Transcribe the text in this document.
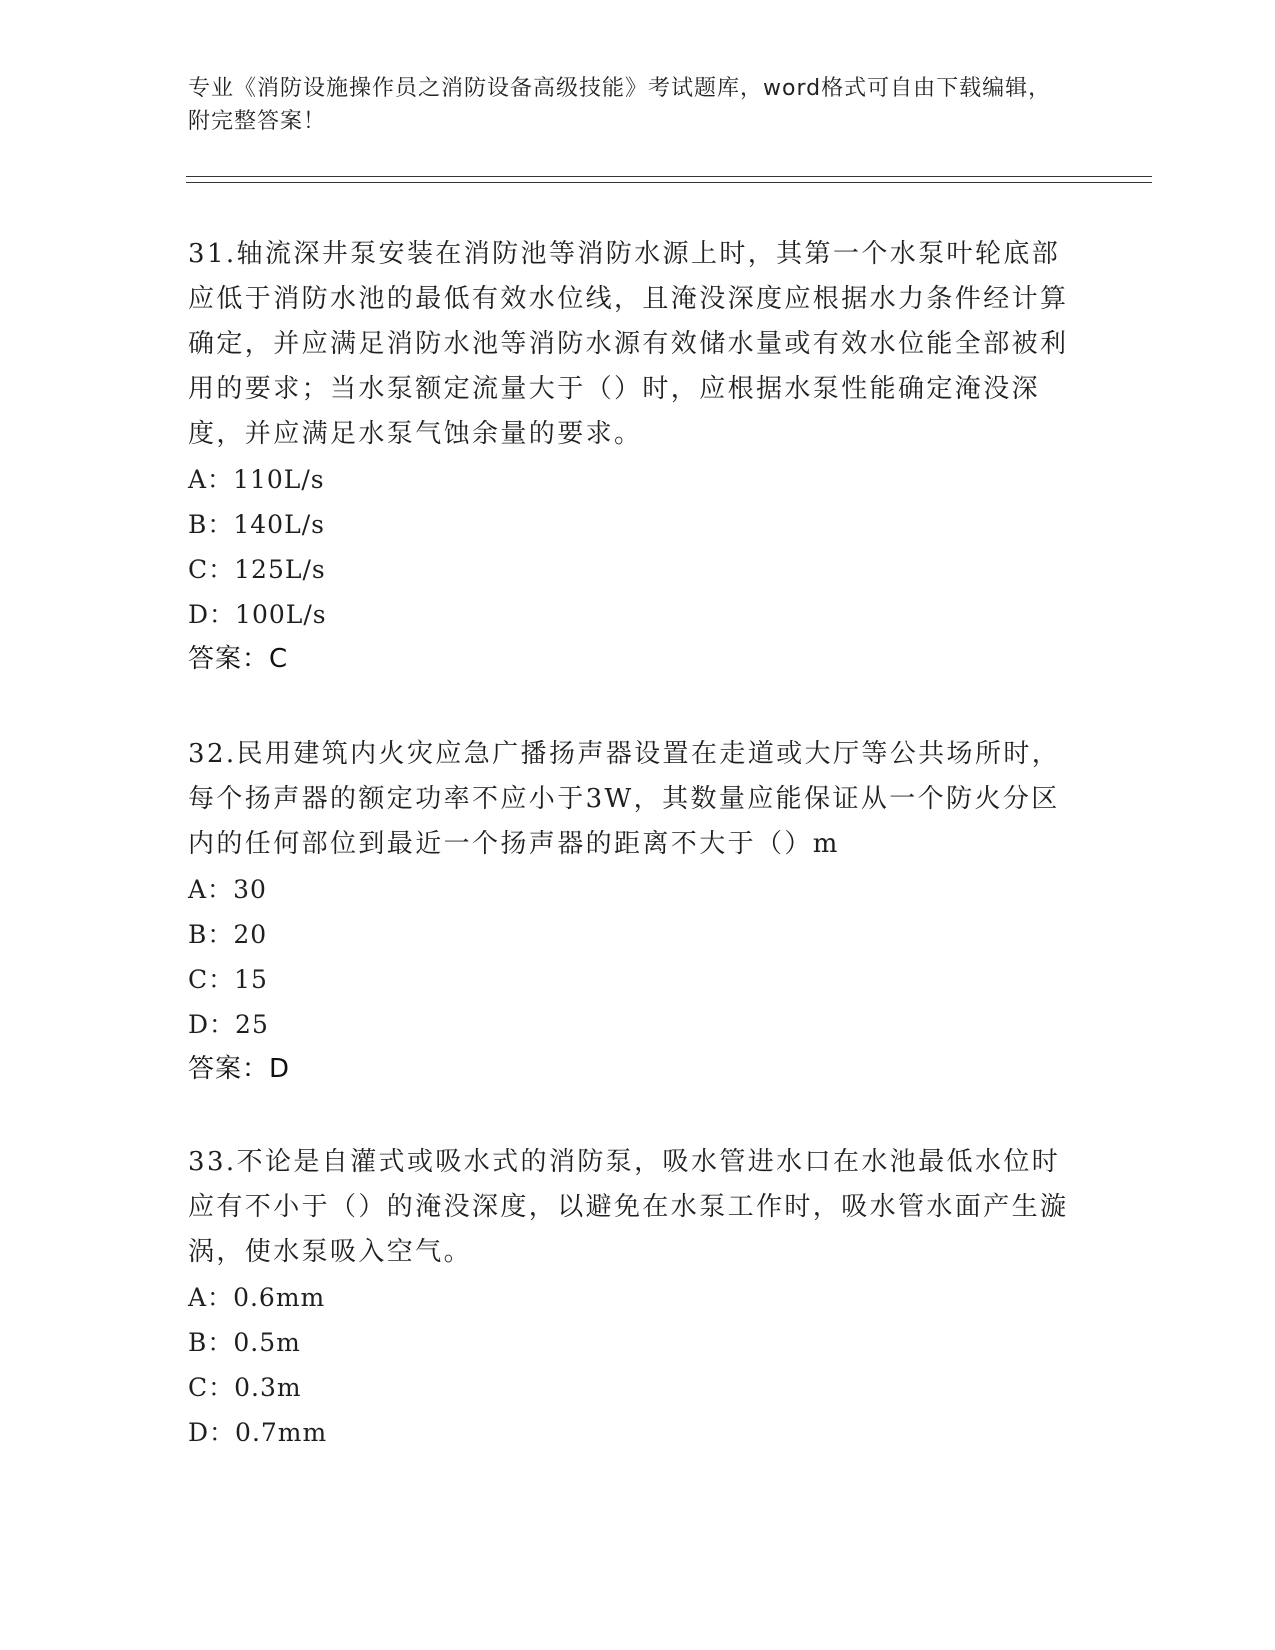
专业《消防设施操作员之消防设备高级技能》考试题库，word格式可自由下载编辑，附完整答案！

31.轴流深井泵安装在消防池等消防水源上时，其第一个水泵叶轮底部应低于消防水池的最低有效水位线，且淹没深度应根据水力条件经计算确定，并应满足消防水池等消防水源有效储水量或有效水位能全部被利用的要求；当水泵额定流量大于（）时，应根据水泵性能确定淹没深度，并应满足水泵气蚀余量的要求。

A：110L/s
B：140L/s
C：125L/s
D：100L/s
答案：C

32.民用建筑内火灾应急广播扬声器设置在走道或大厅等公共场所时，每个扬声器的额定功率不应小于3W，其数量应能保证从一个防火分区内的任何部位到最近一个扬声器的距离不大于（）m

A：30
B：20
C：15
D：25
答案：D

33.不论是自灌式或吸水式的消防泵，吸水管进水口在水池最低水位时应有不小于（）的淹没深度，以避免在水泵工作时，吸水管水面产生漩涡，使水泵吸入空气。

A：0.6mm
B：0.5m
C：0.3m
D：0.7mm
